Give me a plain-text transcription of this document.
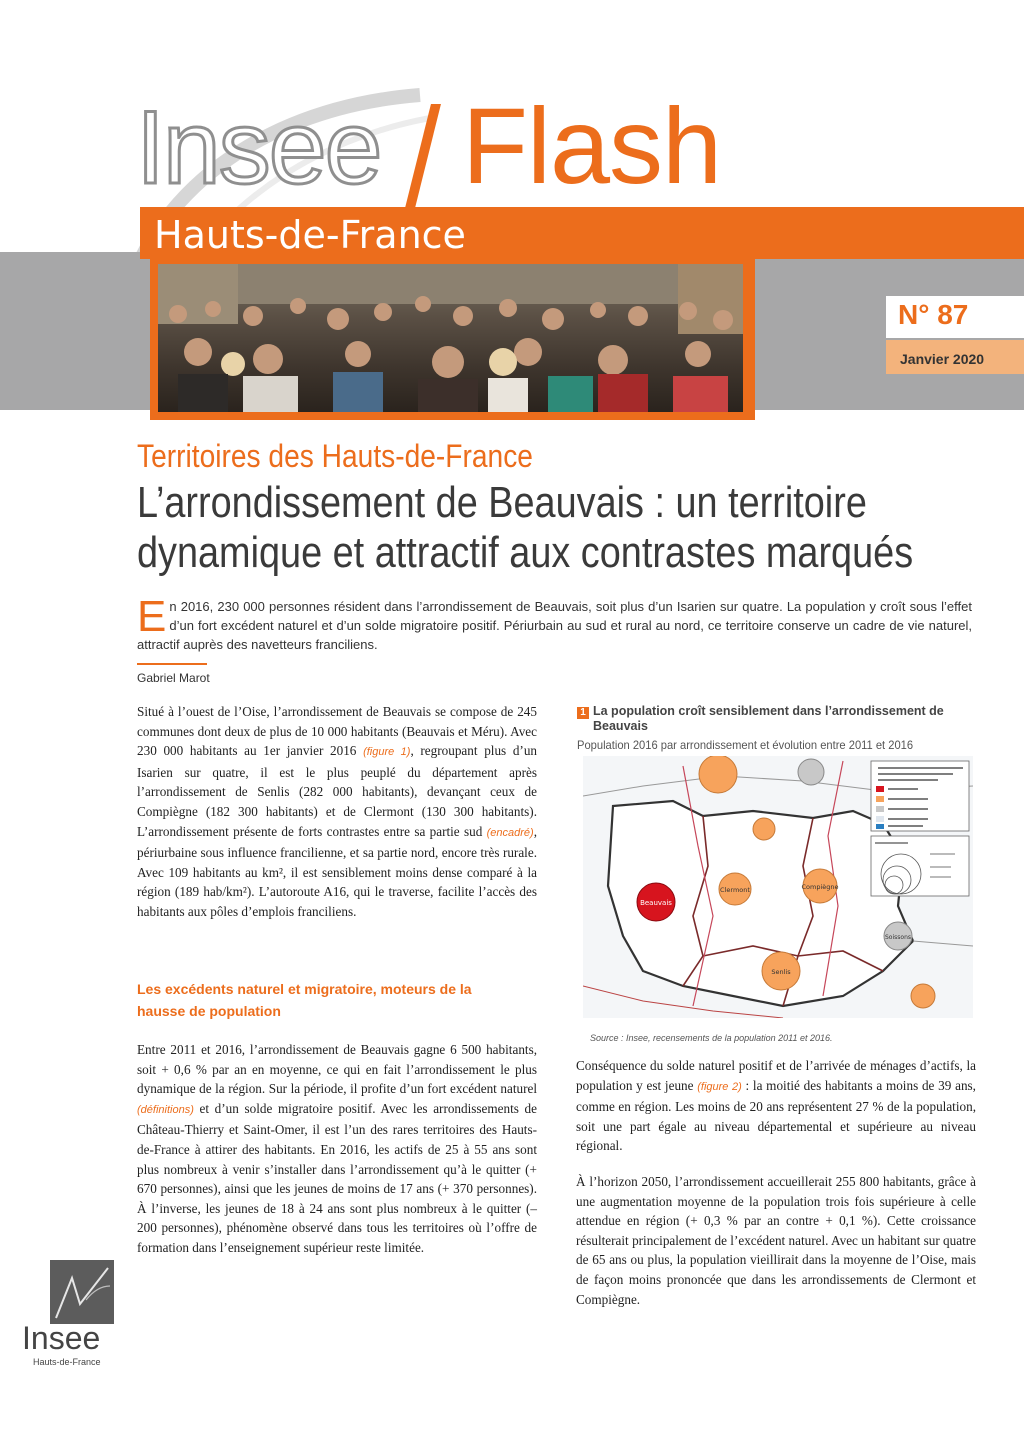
Insee Flash
Hauts-de-France
N° 87
Janvier 2020
Territoires des Hauts-de-France
L’arrondissement de Beauvais : un territoire dynamique et attractif aux contrastes marqués
En 2016, 230 000 personnes résident dans l’arrondissement de Beauvais, soit plus d’un Isarien sur quatre. La population y croît sous l’effet d’un fort excédent naturel et d’un solde migratoire positif. Périurbain au sud et rural au nord, ce territoire conserve un cadre de vie naturel, attractif auprès des navetteurs franciliens.
Gabriel Marot
Situé à l’ouest de l’Oise, l’arrondissement de Beauvais se compose de 245 communes dont deux de plus de 10 000 habitants (Beauvais et Méru). Avec 230 000 habitants au 1er janvier 2016 (figure 1), regroupant plus d’un Isarien sur quatre, il est le plus peuplé du département après l’arrondissement de Senlis (282 000 habitants), devançant ceux de Compiègne (182 300 habitants) et de Clermont (130 300 habitants). L’arrondissement présente de forts contrastes entre sa partie sud (encadré), périurbaine sous influence francilienne, et sa partie nord, encore très rurale. Avec 109 habitants au km², il est sensiblement moins dense comparé à la région (189 hab/km²). L’autoroute A16, qui le traverse, facilite l’accès des habitants aux pôles d’emplois franciliens.
Les excédents naturel et migratoire, moteurs de la hausse de population
Entre 2011 et 2016, l’arrondissement de Beauvais gagne 6 500 habitants, soit + 0,6 % par an en moyenne, ce qui en fait l’arrondissement le plus dynamique de la région. Sur la période, il profite d’un fort excédent naturel (définitions) et d’un solde migratoire positif. Avec les arrondissements de Château-Thierry et Saint-Omer, il est l’un des rares territoires des Hauts-de-France à attirer des habitants. En 2016, les actifs de 25 à 55 ans sont plus nombreux à venir s’installer dans l’arrondissement qu’à le quitter (+ 670 personnes), ainsi que les jeunes de moins de 17 ans (+ 370 personnes). À l’inverse, les jeunes de 18 à 24 ans sont plus nombreux à le quitter (– 200 personnes), phénomène observé dans tous les territoires où l’offre de formation dans l’enseignement supérieur reste limitée.
1 La population croît sensiblement dans l’arrondissement de Beauvais
Population 2016 par arrondissement et évolution entre 2011 et 2016
Beauvais
Clermont	Compiègne
Senlis
Soissons
Source : Insee, recensements de la population 2011 et 2016.
Conséquence du solde naturel positif et de l’arrivée de ménages d’actifs, la population y est jeune (figure 2) : la moitié des habitants a moins de 39 ans, comme en région. Les moins de 20 ans représentent 27 % de la population, soit une part égale au niveau départemental et supérieure au niveau régional.
À l’horizon 2050, l’arrondissement accueillerait 255 800 habitants, grâce à une augmentation moyenne de la population trois fois supérieure à celle attendue en région (+ 0,3 % par an contre + 0,1 %). Cette croissance résulterait principalement de l’excédent naturel. Avec un habitant sur quatre de 65 ans ou plus, la population vieillirait dans la moyenne de l’Oise, mais de façon moins prononcée que dans les arrondissements de Clermont et Compiègne.
Insee
Hauts-de-France
